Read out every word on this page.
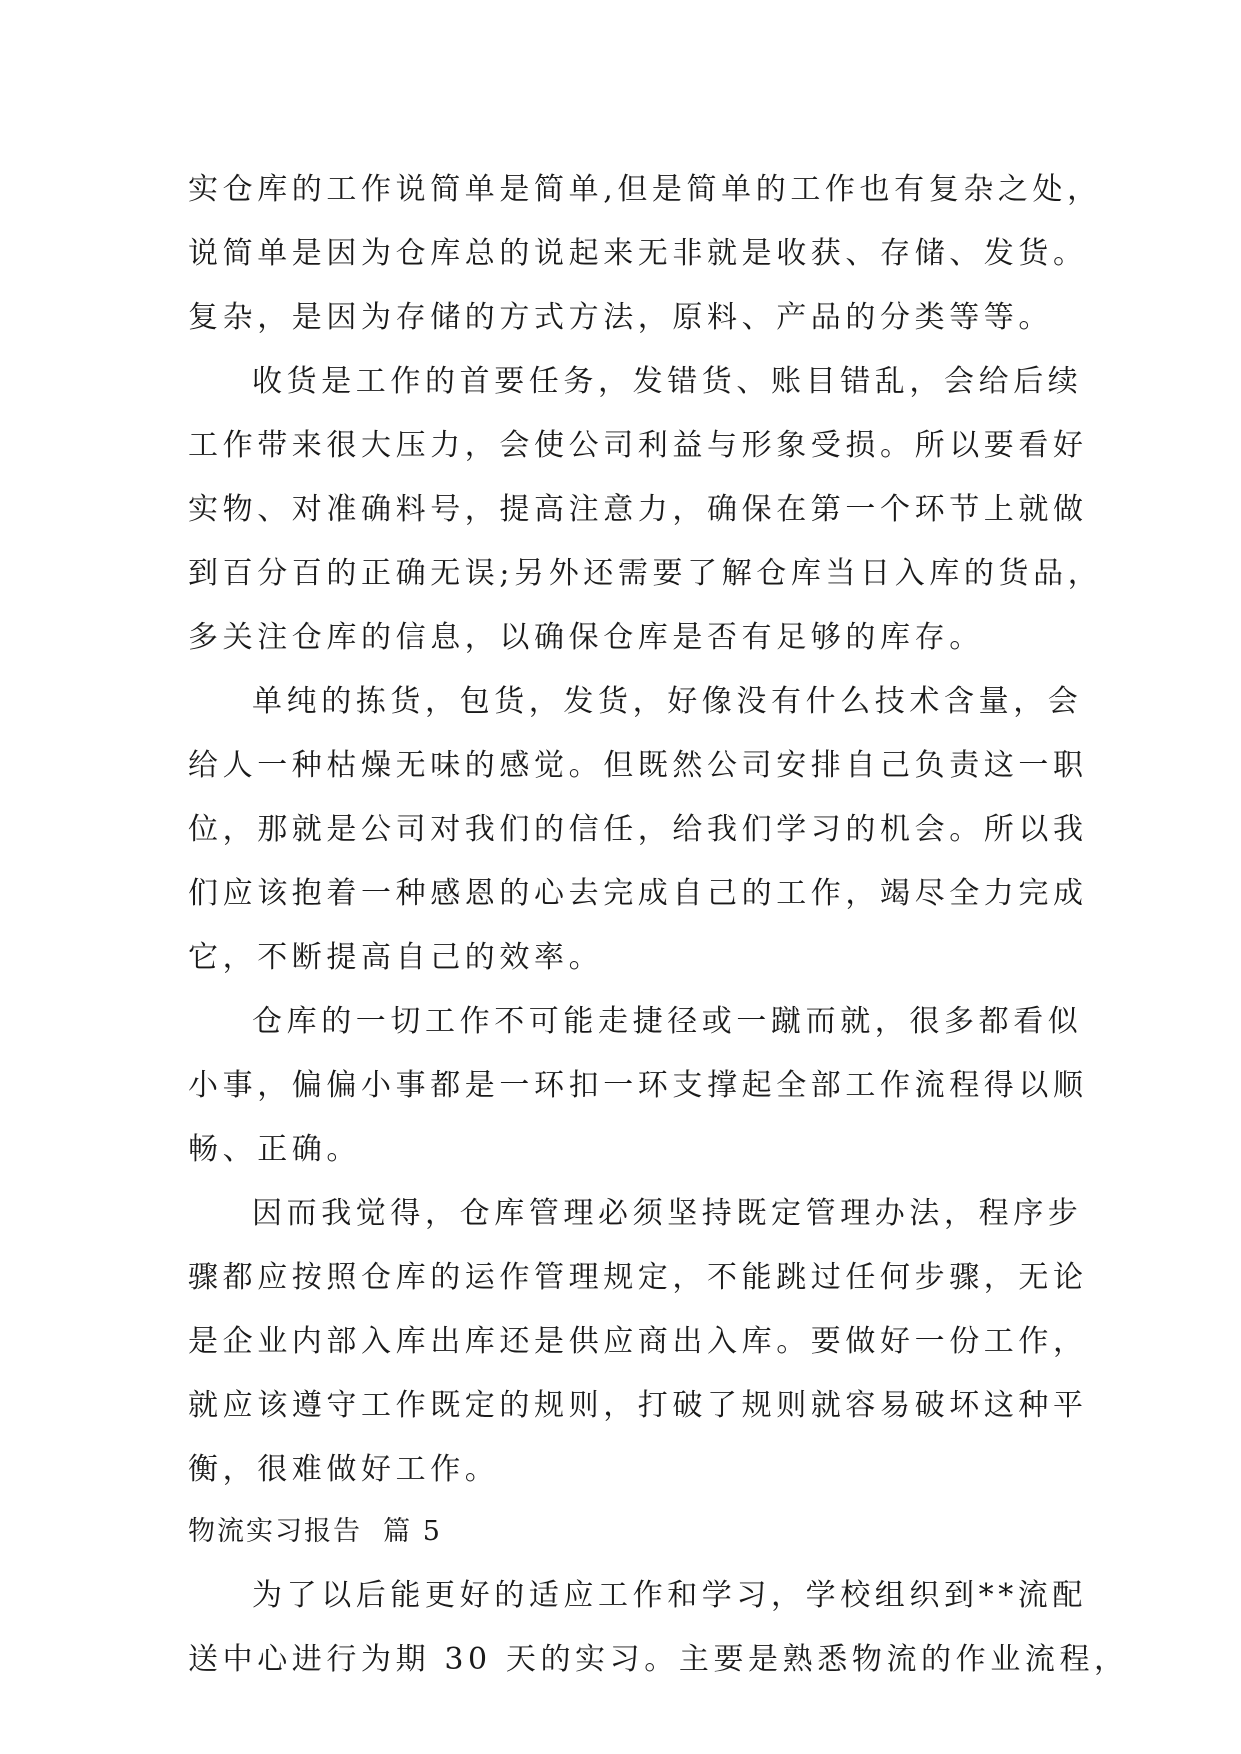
实仓库的工作说简单是简单,但是简单的工作也有复杂之处，
说简单是因为仓库总的说起来无非就是收获、存储、发货。
复杂，是因为存储的方式方法，原料、产品的分类等等。
收货是工作的首要任务，发错货、账目错乱，会给后续
工作带来很大压力，会使公司利益与形象受损。所以要看好
实物、对准确料号，提高注意力，确保在第一个环节上就做
到百分百的正确无误;另外还需要了解仓库当日入库的货品，
多关注仓库的信息，以确保仓库是否有足够的库存。
单纯的拣货，包货，发货，好像没有什么技术含量，会
给人一种枯燥无味的感觉。但既然公司安排自己负责这一职
位，那就是公司对我们的信任，给我们学习的机会。所以我
们应该抱着一种感恩的心去完成自己的工作，竭尽全力完成
它，不断提高自己的效率。
仓库的一切工作不可能走捷径或一蹴而就，很多都看似
小事，偏偏小事都是一环扣一环支撑起全部工作流程得以顺
畅、正确。
因而我觉得，仓库管理必须坚持既定管理办法，程序步
骤都应按照仓库的运作管理规定，不能跳过任何步骤，无论
是企业内部入库出库还是供应商出入库。要做好一份工作，
就应该遵守工作既定的规则，打破了规则就容易破坏这种平
衡，很难做好工作。
物流实习报告  篇 5
为了以后能更好的适应工作和学习，学校组织到**流配
送中心进行为期 30 天的实习。主要是熟悉物流的作业流程，
